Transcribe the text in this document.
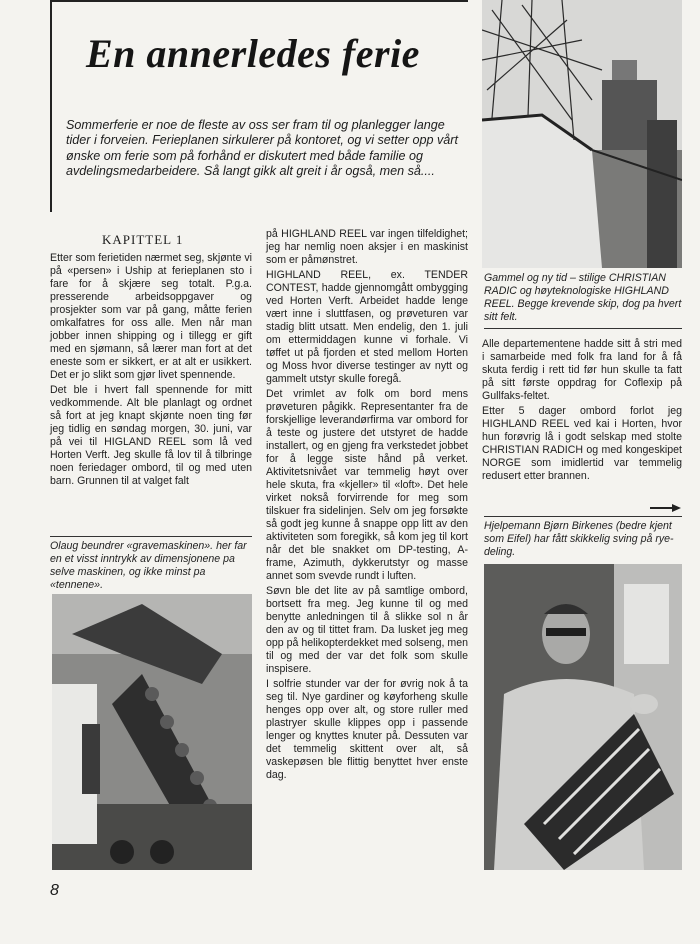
En annerledes ferie

Sommerferie er noe de fleste av oss ser fram til og planlegger lange tider i forveien. Ferieplanen sirkulerer på kontoret, og vi setter opp vårt ønske om ferie som på forhånd er diskutert med både familie og avdelingsmedarbeidere. Så langt gikk alt greit i år også, men så....

Gammel og ny tid – stilige CHRISTIAN RADIC og høyteknologiske HIGHLAND REEL. Begge krevende skip, dog pa hvert sitt felt.

KAPITTEL 1

Etter som ferietiden nærmet seg, skjønte vi på «persen» i Uship at ferieplanen sto i fare for å skjære seg totalt. P.g.a. presserende arbeidsoppgaver og prosjekter som var på gang, måtte ferien omkalfatres for oss alle. Men når man jobber innen shipping og i tillegg er gift med en sjømann, så lærer man fort at det eneste som er sikkert, er at alt er usikkert. Det er jo slikt som gjør livet spennende.

Det ble i hvert fall spennende for mitt vedkommende. Alt ble planlagt og ordnet så fort at jeg knapt skjønte noen ting før jeg tidlig en søndag morgen, 30. juni, var på vei til HIGLAND REEL som lå ved Horten Verft. Jeg skulle få lov til å tilbringe noen feriedager ombord, til og med uten barn. Grunnen til at valget falt

Olaug beundrer «gravemaskinen». her far en et visst inntrykk av dimensjonene pa selve maskinen, og ikke minst pa «tennene».

på HIGHLAND REEL var ingen tilfeldighet; jeg har nemlig noen aksjer i en maskinist som er påmønstret.

HIGHLAND REEL, ex. TENDER CONTEST, hadde gjennomgått ombygging ved Horten Verft. Arbeidet hadde lenge vært inne i sluttfasen, og prøveturen var stadig blitt utsatt. Men endelig, den 1. juli om ettermiddagen kunne vi forhale. Vi tøffet ut på fjorden et sted mellom Horten og Moss hvor diverse testinger av nytt og gammelt utstyr skulle foregå.

Det vrimlet av folk om bord mens prøveturen pågikk. Representanter fra de forskjellige leverandørfirma var ombord for å teste og justere det utstyret de hadde installert, og en gjeng fra verkstedet jobbet for å legge siste hånd på verket. Aktivitetsnivået var temmelig høyt over hele skuta, fra «kjeller» til «loft». Det hele virket nokså forvirrende for meg som tilskuer fra sidelinjen. Selv om jeg forsøkte så godt jeg kunne å snappe opp litt av den aktiviteten som foregikk, så kom jeg til kort når det ble snakket om DP-testing, A-frame, Azimuth, dykkerutstyr og masse annet som svevde rundt i luften.

Søvn ble det lite av på samtlige ombord, bortsett fra meg. Jeg kunne til og med benytte anledningen til å slikke sol n år den av og til tittet fram. Da lusket jeg meg opp på helikopterdekket med solseng, men til og med der var det folk som skulle inspisere.

I solfrie stunder var der for øvrig nok å ta seg til. Nye gardiner og køyforheng skulle henges opp over alt, og store ruller med plastryer skulle klippes opp i passende lenger og knyttes knuter på. Dessuten var det temmelig skittent over alt, så vaskepøsen ble flittig benyttet hver enste dag.

Alle departementene hadde sitt å stri med i samarbeide med folk fra land for å få skuta ferdig i rett tid før hun skulle ta fatt på sitt første oppdrag for Coflexip på Gullfaks-feltet.

Etter 5 dager ombord forlot jeg HIGHLAND REEL ved kai i Horten, hvor hun forøvrig lå i godt selskap med stolte CHRISTIAN RADICH og med kongeskipet NORGE som imidlertid var temmelig redusert etter brannen.

Hjelpemann Bjørn Birkenes (bedre kjent som Eifel) har fått skikkelig sving på rye-deling.

8
